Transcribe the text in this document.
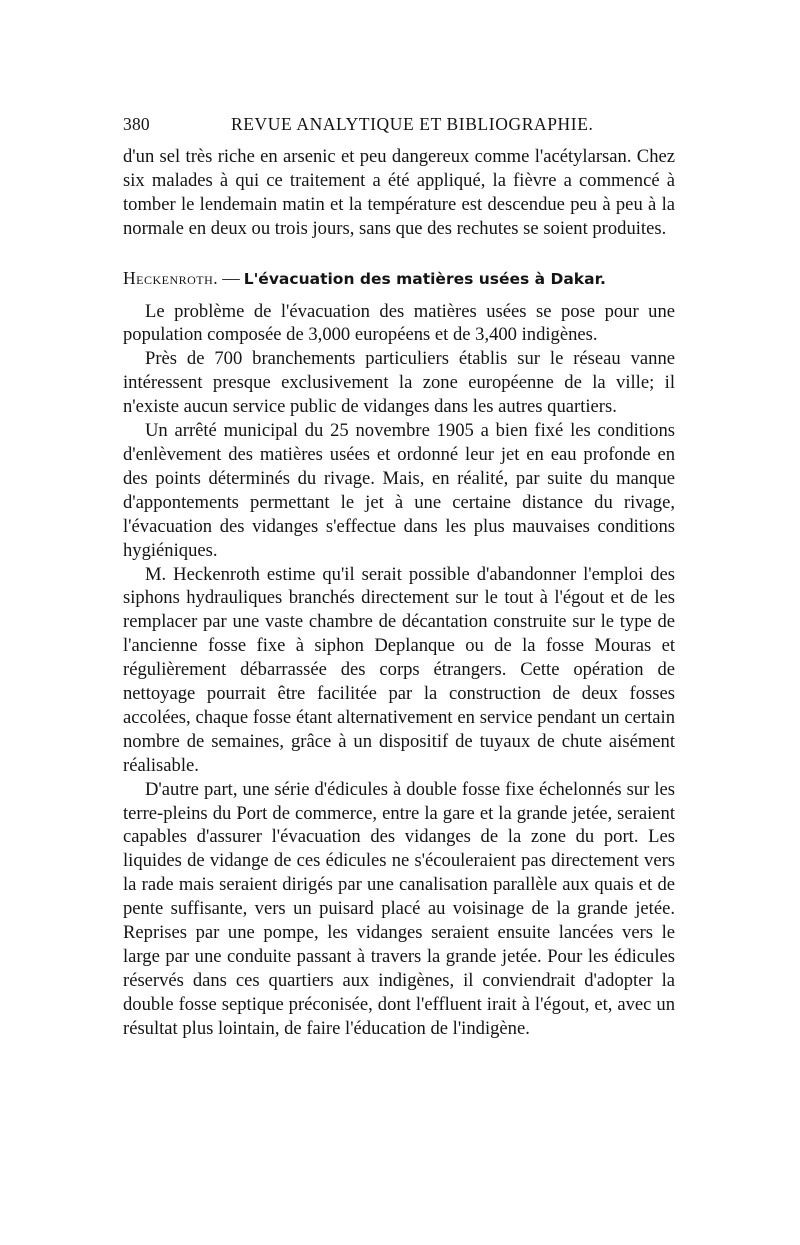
380	REVUE ANALYTIQUE ET BIBLIOGRAPHIE.

d'un sel très riche en arsenic et peu dangereux comme l'acétylarsan. Chez six malades à qui ce traitement a été appliqué, la fièvre a commencé à tomber le lendemain matin et la température est descendue peu à peu à la normale en deux ou trois jours, sans que des rechutes se soient produites.

Heckenroth. — L'évacuation des matières usées à Dakar.

Le problème de l'évacuation des matières usées se pose pour une population composée de 3,000 européens et de 3,400 indigènes.

Près de 700 branchements particuliers établis sur le réseau vanne intéressent presque exclusivement la zone européenne de la ville; il n'existe aucun service public de vidanges dans les autres quartiers.

Un arrêté municipal du 25 novembre 1905 a bien fixé les conditions d'enlèvement des matières usées et ordonné leur jet en eau profonde en des points déterminés du rivage. Mais, en réalité, par suite du manque d'appontements permettant le jet à une certaine distance du rivage, l'évacuation des vidanges s'effectue dans les plus mauvaises conditions hygiéniques.

M. Heckenroth estime qu'il serait possible d'abandonner l'emploi des siphons hydrauliques branchés directement sur le tout à l'égout et de les remplacer par une vaste chambre de décantation construite sur le type de l'ancienne fosse fixe à siphon Deplanque ou de la fosse Mouras et régulièrement débarrassée des corps étrangers. Cette opération de nettoyage pourrait être facilitée par la construction de deux fosses accolées, chaque fosse étant alternativement en service pendant un certain nombre de semaines, grâce à un dispositif de tuyaux de chute aisément réalisable.

D'autre part, une série d'édicules à double fosse fixe échelonnés sur les terre-pleins du Port de commerce, entre la gare et la grande jetée, seraient capables d'assurer l'évacuation des vidanges de la zone du port. Les liquides de vidange de ces édicules ne s'écouleraient pas directement vers la rade mais seraient dirigés par une canalisation parallèle aux quais et de pente suffisante, vers un puisard placé au voisinage de la grande jetée. Reprises par une pompe, les vidanges seraient ensuite lancées vers le large par une conduite passant à travers la grande jetée. Pour les édicules réservés dans ces quartiers aux indigènes, il conviendrait d'adopter la double fosse septique préconisée, dont l'effluent irait à l'égout, et, avec un résultat plus lointain, de faire l'éducation de l'indigène.
